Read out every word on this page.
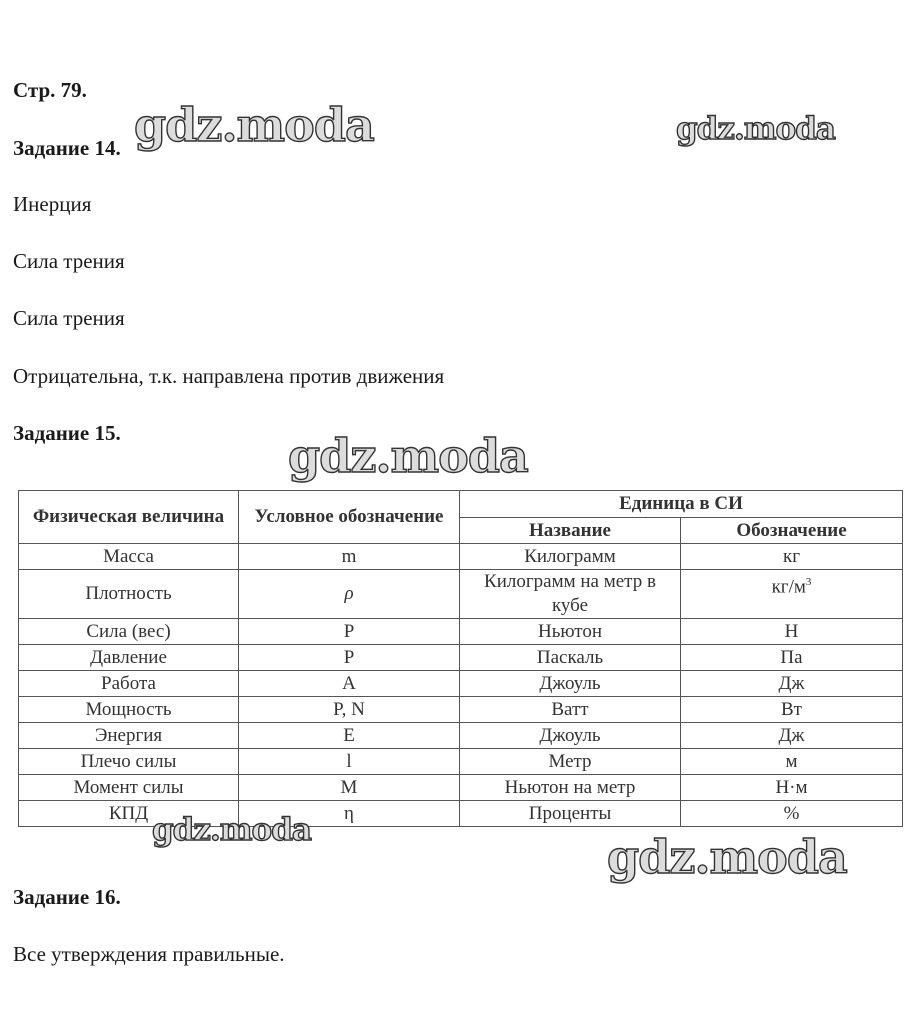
Стр. 79.
Задание 14.
Инерция
Сила трения
Сила трения
Отрицательна, т.к. направлена против движения
Задание 15.
Физическая величина	Условное обозначение	Единица в СИ	
		Название	Обозначение
Масса	m	Килограмм	кг
Плотность	ρ	Килограмм на метр в кубе	$кг/м^3$
Сила (вес)	P	Ньютон	Н
Давление	P	Паскаль	Па
Работа	A	Джоуль	Дж
Мощность	P, N	Ватт	Вт
Энергия	E	Джоуль	Дж
Плечо силы	l	Метр	м
Момент силы	M	Ньютон на метр	Н·м
КПД	η	Проценты	%
Задание 16.
Все утверждения правильные.
gdz.moda	gdz.moda
gdz.moda
gdz.moda	gdz.moda
